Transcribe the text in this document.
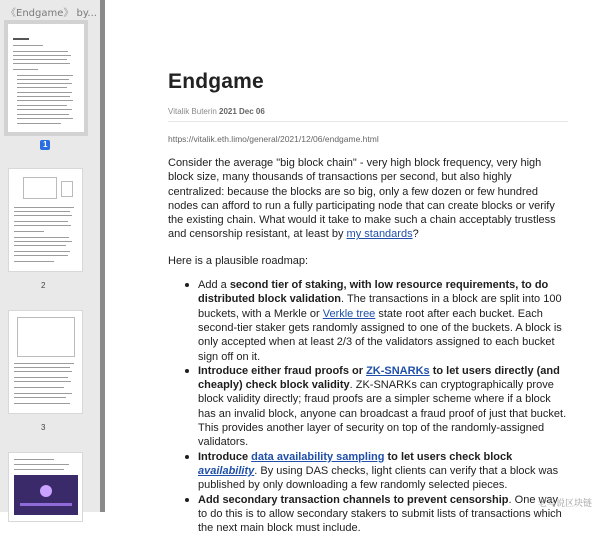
《Endgame》 by...
1
2
3
Endgame
Vitalik Buterin 2021 Dec 06
https://vitalik.eth.limo/general/2021/12/06/endgame.html

Consider the average "big block chain" - very high block frequency, very high block size, many thousands of transactions per second, but also highly centralized: because the blocks are so big, only a few dozen or few hundred nodes can afford to run a fully participating node that can create blocks or verify the existing chain. What would it take to make such a chain acceptably trustless and censorship resistant, at least by my standards?

Here is a plausible roadmap:

Add a second tier of staking, with low resource requirements, to do distributed block validation. The transactions in a block are split into 100 buckets, with a Merkle or Verkle tree state root after each bucket. Each second-tier staker gets randomly assigned to one of the buckets. A block is only accepted when at least 2/3 of the validators assigned to each bucket sign off on it.
Introduce either fraud proofs or ZK-SNARKs to let users directly (and cheaply) check block validity. ZK-SNARKs can cryptographically prove block validity directly; fraud proofs are a simpler scheme where if a block has an invalid block, anyone can broadcast a fraud proof of just that bucket. This provides another layer of security on top of the randomly-assigned validators.
Introduce data availability sampling to let users check block availability. By using DAS checks, light clients can verify that a block was published by only downloading a few randomly selected pieces.
Add secondary transaction channels to prevent censorship. One way to do this is to allow secondary stakers to submit lists of transactions which the next main block must include.
老鸟说区块链
